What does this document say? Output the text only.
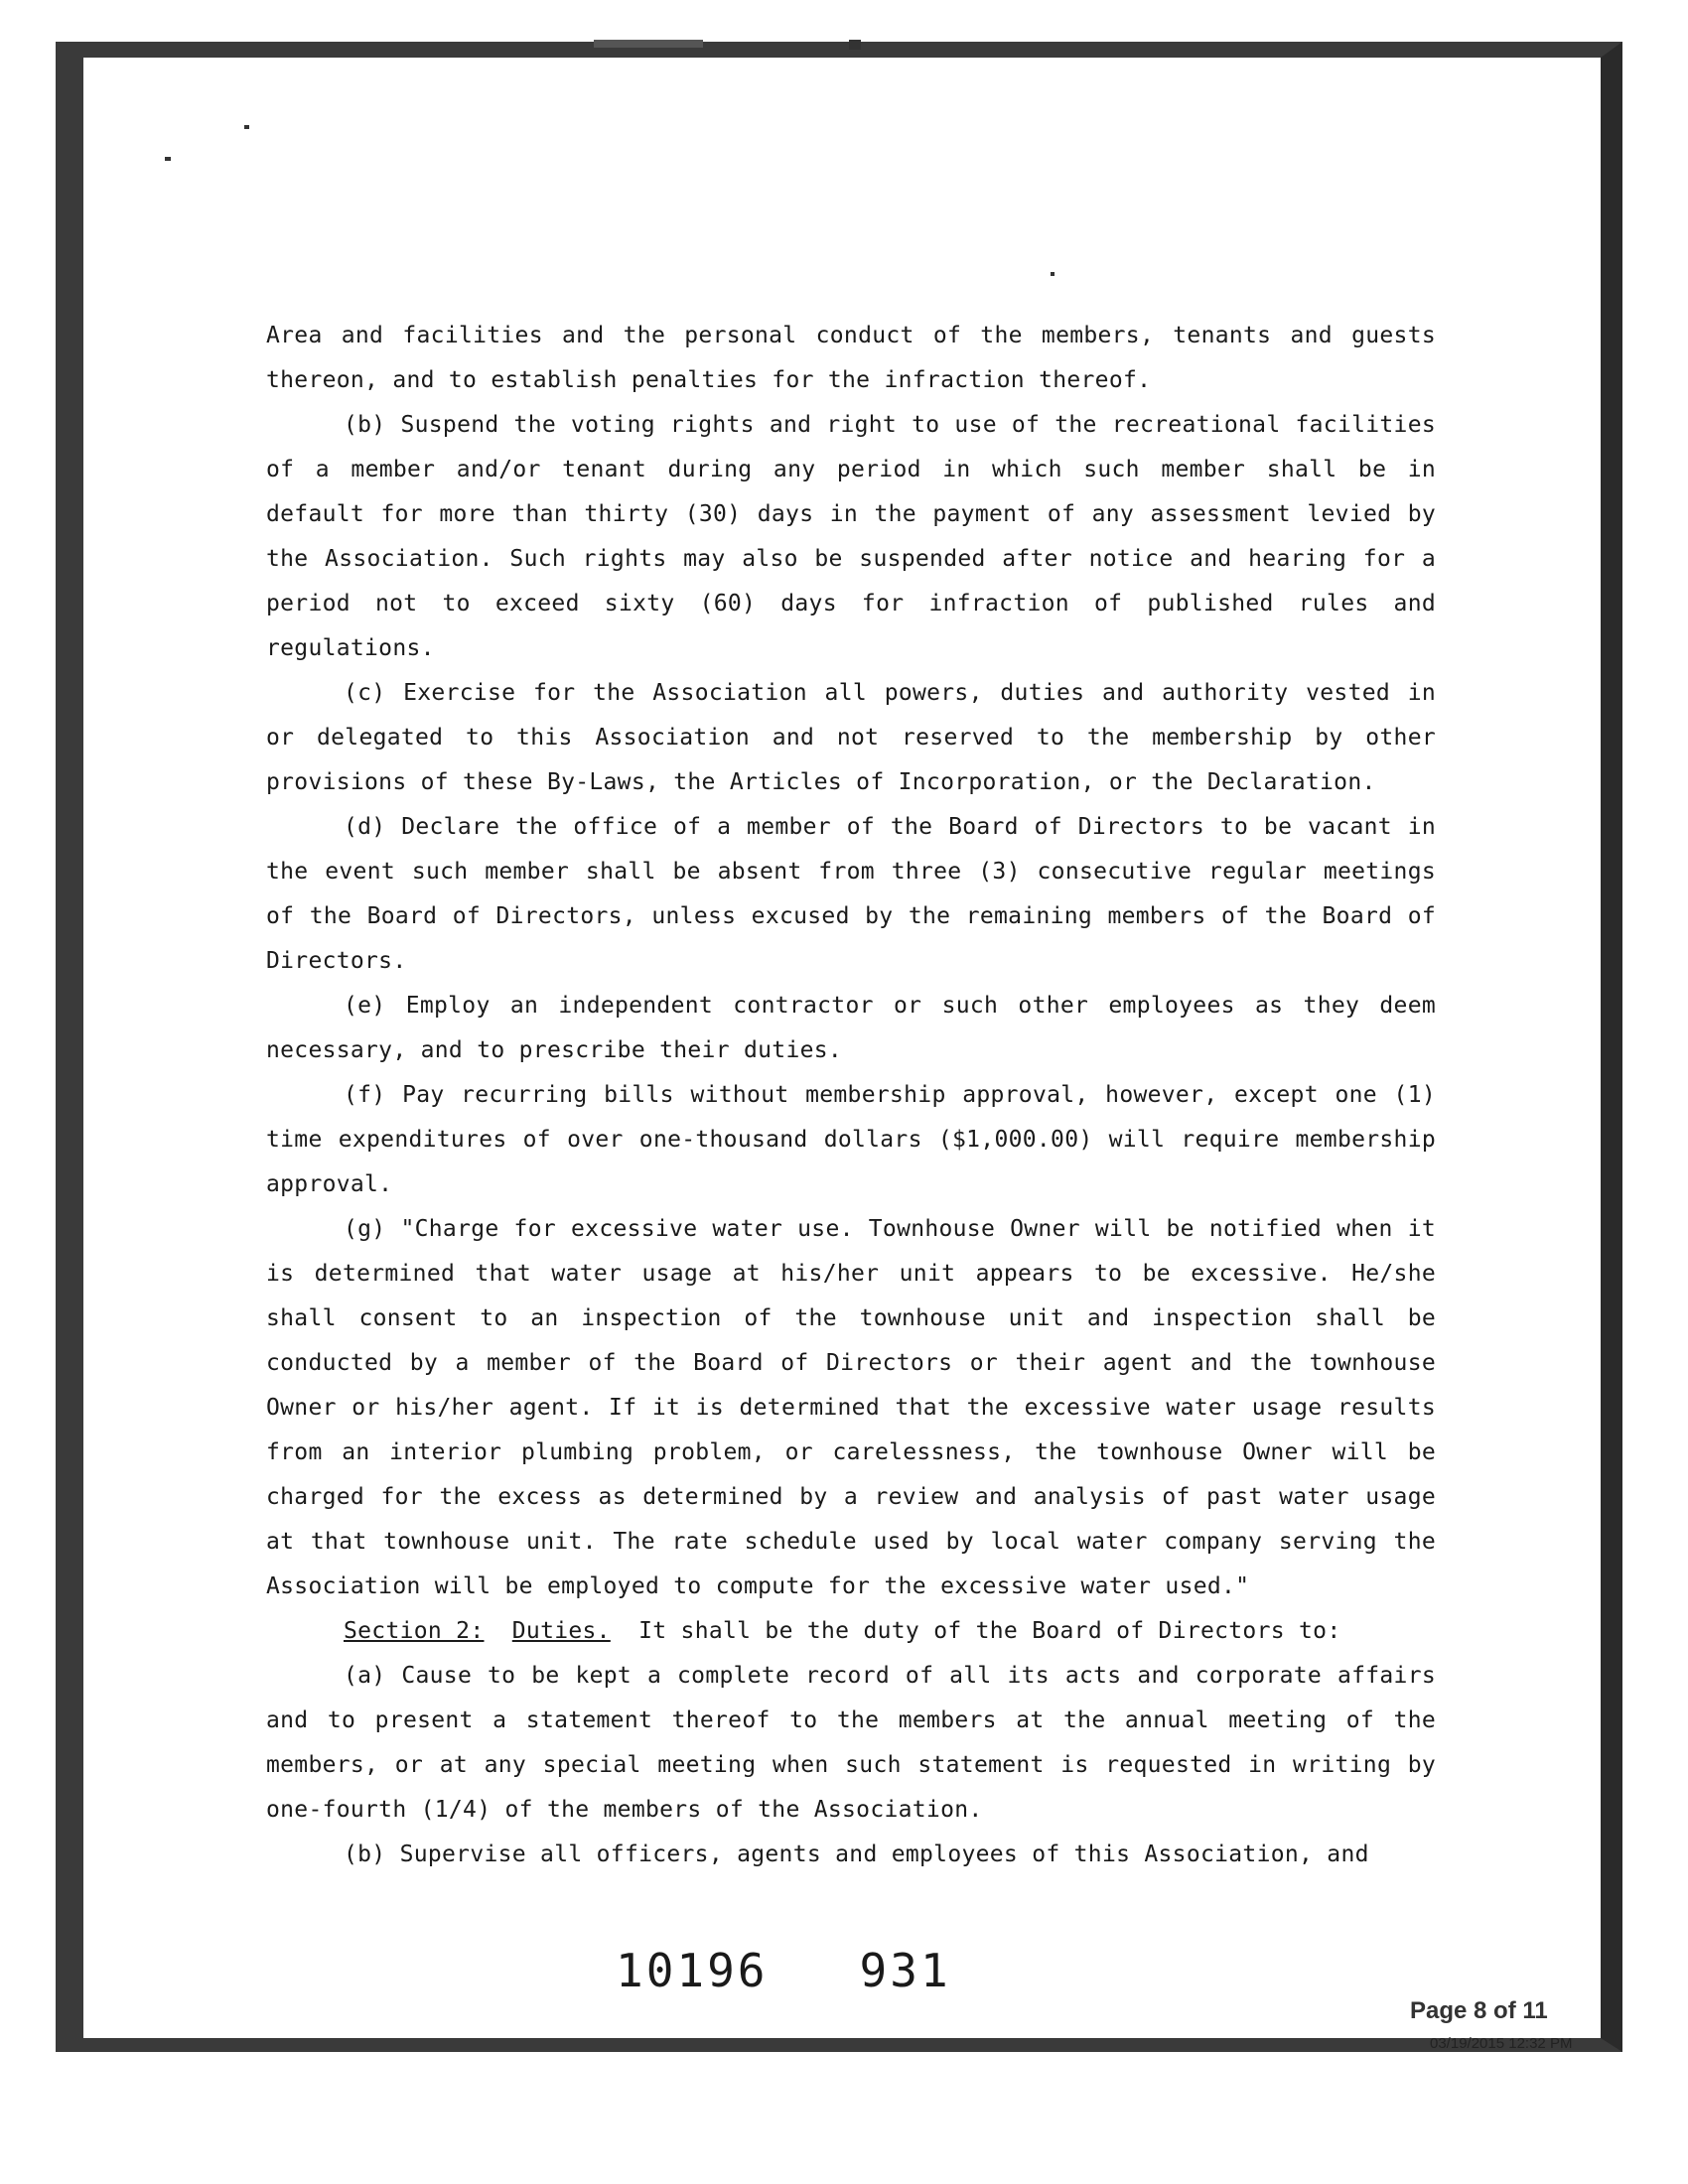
Area and facilities and the personal conduct of the members, tenants and guests thereon, and to establish penalties for the infraction thereof.

(b) Suspend the voting rights and right to use of the recreational facilities of a member and/or tenant during any period in which such member shall be in default for more than thirty (30) days in the payment of any assessment levied by the Association. Such rights may also be suspended after notice and hearing for a period not to exceed sixty (60) days for infraction of published rules and regulations.

(c) Exercise for the Association all powers, duties and authority vested in or delegated to this Association and not reserved to the membership by other provisions of these By-Laws, the Articles of Incorporation, or the Declaration.

(d) Declare the office of a member of the Board of Directors to be vacant in the event such member shall be absent from three (3) consecutive regular meetings of the Board of Directors, unless excused by the remaining members of the Board of Directors.

(e) Employ an independent contractor or such other employees as they deem necessary, and to prescribe their duties.

(f) Pay recurring bills without membership approval, however, except one (1) time expenditures of over one-thousand dollars ($1,000.00) will require membership approval.

(g) "Charge for excessive water use. Townhouse Owner will be notified when it is determined that water usage at his/her unit appears to be excessive. He/she shall consent to an inspection of the townhouse unit and inspection shall be conducted by a member of the Board of Directors or their agent and the townhouse Owner or his/her agent. If it is determined that the excessive water usage results from an interior plumbing problem, or carelessness, the townhouse Owner will be charged for the excess as determined by a review and analysis of past water usage at that townhouse unit. The rate schedule used by local water company serving the Association will be employed to compute for the excessive water used."

Section 2: Duties.  It shall be the duty of the Board of Directors to:

(a) Cause to be kept a complete record of all its acts and corporate affairs and to present a statement thereof to the members at the annual meeting of the members, or at any special meeting when such statement is requested in writing by one-fourth (1/4) of the members of the Association.

(b) Supervise all officers, agents and employees of this Association, and

10196   931
Page 8 of 11
03/19/2015 12:32 PM
